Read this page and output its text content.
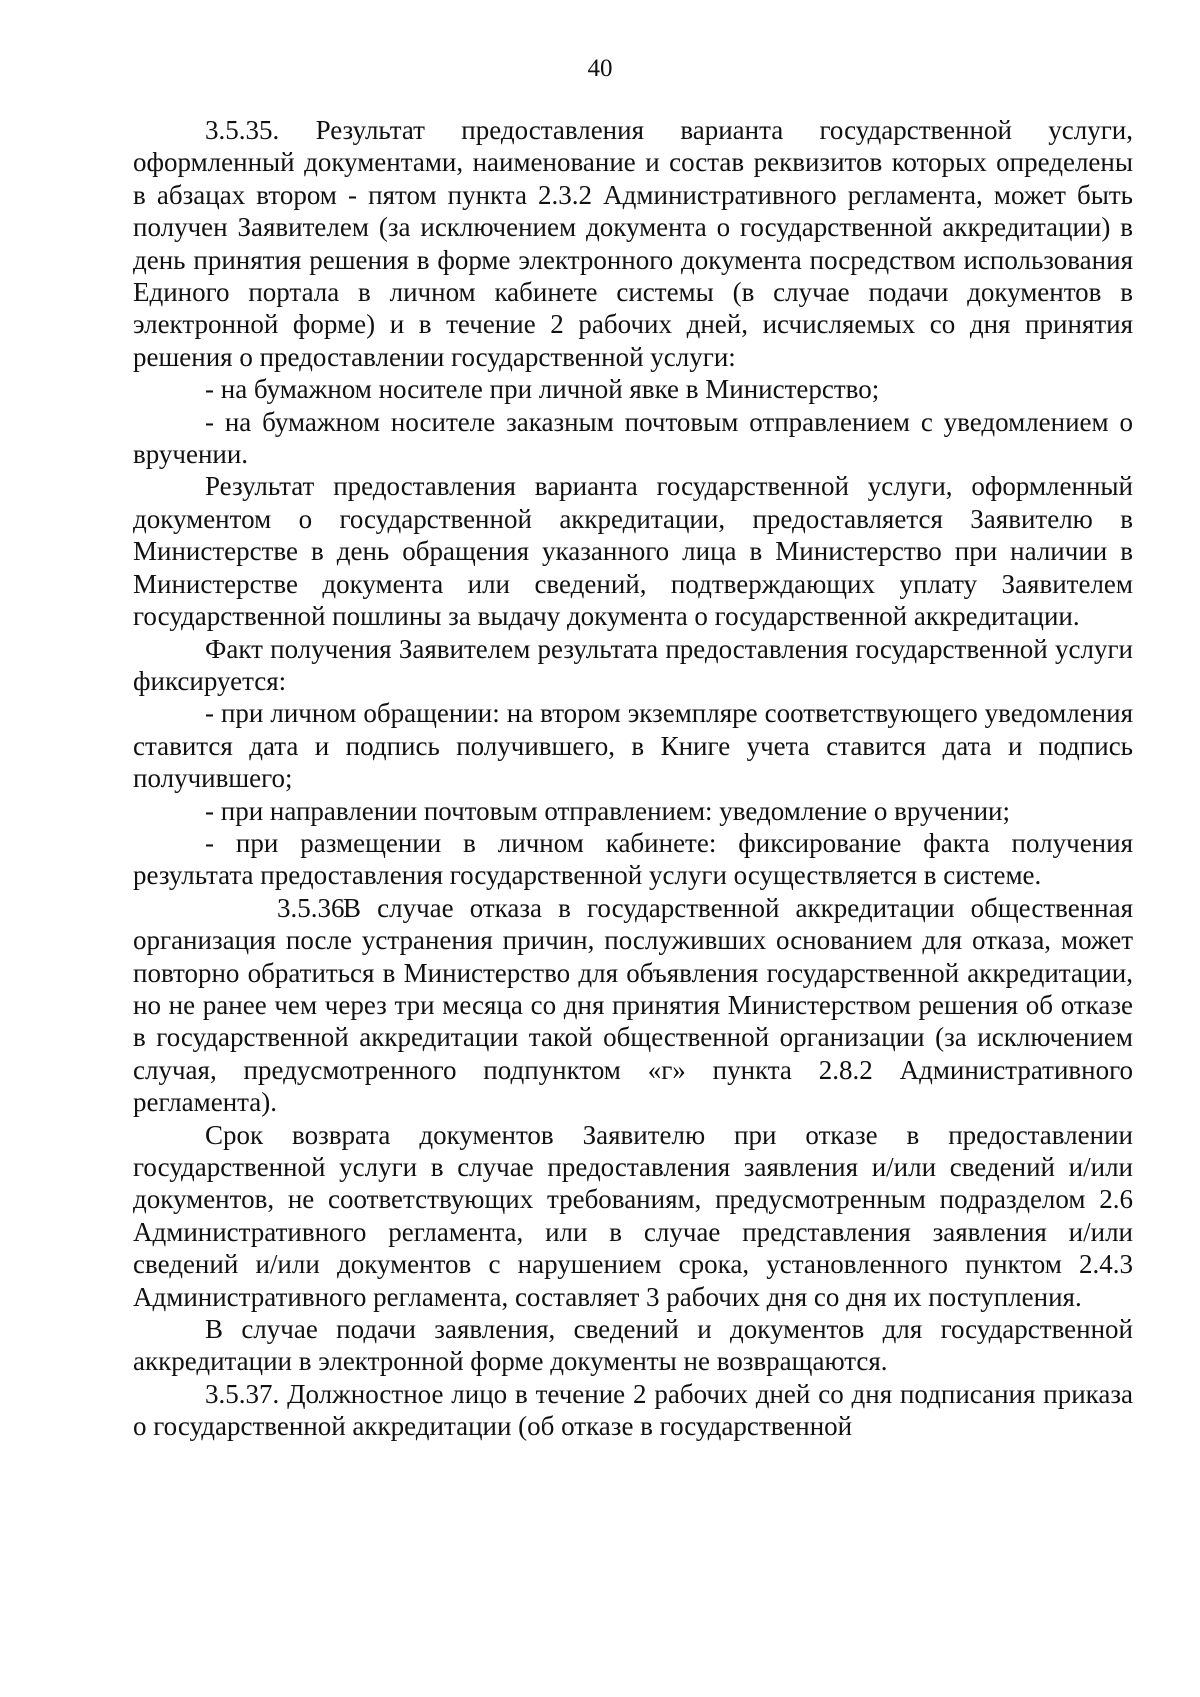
40

3.5.35. Результат предоставления варианта государственной услуги, оформленный документами, наименование и состав реквизитов которых определены в абзацах втором - пятом пункта 2.3.2 Административного регламента, может быть получен Заявителем (за исключением документа о государственной аккредитации) в день принятия решения в форме электронного документа посредством использования Единого портала в личном кабинете системы (в случае подачи документов в электронной форме) и в течение 2 рабочих дней, исчисляемых со дня принятия решения о предоставлении государственной услуги:

- на бумажном носителе при личной явке в Министерство;

- на бумажном носителе заказным почтовым отправлением с уведомлением о вручении.

Результат предоставления варианта государственной услуги, оформленный документом о государственной аккредитации, предоставляется Заявителю в Министерстве в день обращения указанного лица в Министерство при наличии в Министерстве документа или сведений, подтверждающих уплату Заявителем государственной пошлины за выдачу документа о государственной аккредитации.

Факт получения Заявителем результата предоставления государственной услуги фиксируется:

- при личном обращении: на втором экземпляре соответствующего уведомления ставится дата и подпись получившего, в Книге учета ставится дата и подпись получившего;

- при направлении почтовым отправлением: уведомление о вручении;

- при размещении в личном кабинете: фиксирование факта получения результата предоставления государственной услуги осуществляется в системе.

3.5.36.В случае отказа в государственной аккредитации общественная организация после устранения причин, послуживших основанием для отказа, может повторно обратиться в Министерство для объявления государственной аккредитации, но не ранее чем через три месяца со дня принятия Министерством решения об отказе в государственной аккредитации такой общественной организации (за исключением случая, предусмотренного подпунктом «г» пункта 2.8.2 Административного регламента).

Срок возврата документов Заявителю при отказе в предоставлении государственной услуги в случае предоставления заявления и/или сведений и/или документов, не соответствующих требованиям, предусмотренным подразделом 2.6 Административного регламента, или в случае представления заявления и/или сведений и/или документов с нарушением срока, установленного пунктом 2.4.3 Административного регламента, составляет 3 рабочих дня со дня их поступления.

В случае подачи заявления, сведений и документов для государственной аккредитации в электронной форме документы не возвращаются.

3.5.37. Должностное лицо в течение 2 рабочих дней со дня подписания приказа о государственной аккредитации (об отказе в государственной
